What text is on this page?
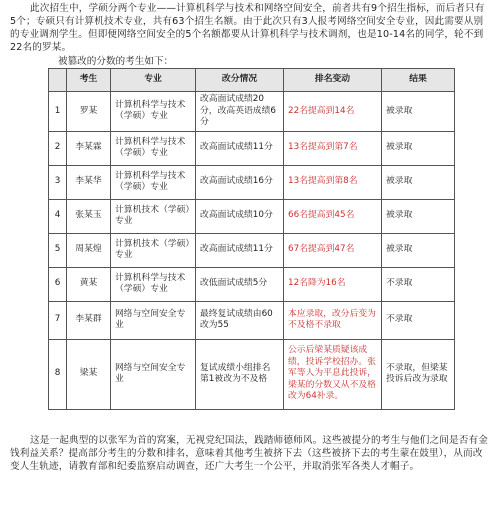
此次招生中，学硕分两个专业——计算机科学与技术和网络空间安全，前者共有9个招生指标，而后者只有5个；专硕只有计算机技术专业，共有63个招生名额。由于此次只有3人报考网络空间安全专业，因此需要从别的专业调剂学生。但即便网络空间安全的5个名额都要从计算机科学与技术调剂，也是10-14名的同学，轮不到22名的罗某。

被篡改的分数的考生如下：
	考生	专业	改分情况	排名变动	结果
1	罗某	计算机科学与技术（学硕）专业	改高面试成绩20分，改高英语成绩6分	22名提高到14名	被录取
2	李某霖	计算机科学与技术（学硕）专业	改高面试成绩11分	13名提高到第7名	被录取
3	李某华	计算机科学与技术（学硕）专业	改高面试成绩16分	13名提高到第8名	被录取
4	张某玉	计算机技术（学硕）专业	改高面试成绩10分	66名提高到45名	被录取
5	周某煌	计算机技术（学硕）专业	改高面试成绩11分	67名提高到47名	被录取
6	黄某	计算机科学与技术（学硕）专业	改低面试成绩5分	12名降为16名	不录取
7	李某群	网络与空间安全专业	最终复试成绩由60改为55	本应录取，改分后变为不及格不录取	不录取
8	梁某	网络与空间安全专业	复试成绩小组排名第1被改为不及格	公示后梁某质疑该成绩，投诉学校招办。张军等人为平息此投诉，梁某的分数又从不及格改为64补录。	不录取，但梁某投诉后改为录取

这是一起典型的以张军为首的窝案，无视党纪国法，践踏师德师风。这些被提分的考生与他们之间是否有金钱利益关系？提高部分考生的分数和排名，意味着其他考生被挤下去（这些被挤下去的考生蒙在鼓里），从而改变人生轨迹，请教育部和纪委监察启动调查，还广大考生一个公平，并取消张军各类人才帽子。
